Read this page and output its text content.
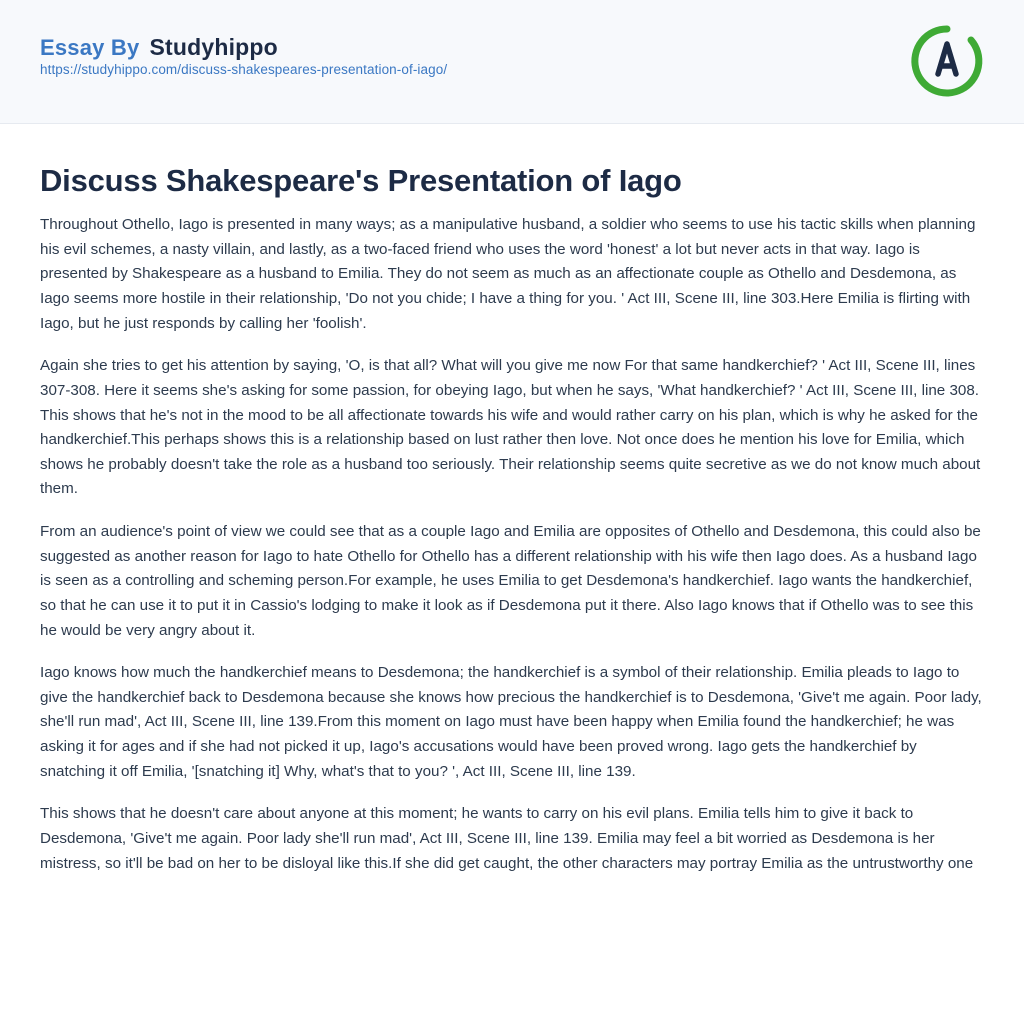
Essay By Studyhippo
https://studyhippo.com/discuss-shakespeares-presentation-of-iago/
Discuss Shakespeare's Presentation of Iago

Throughout Othello, Iago is presented in many ways; as a manipulative husband, a soldier who seems to use his tactic skills when planning his evil schemes, a nasty villain, and lastly, as a two-faced friend who uses the word 'honest' a lot but never acts in that way. Iago is presented by Shakespeare as a husband to Emilia. They do not seem as much as an affectionate couple as Othello and Desdemona, as Iago seems more hostile in their relationship, 'Do not you chide; I have a thing for you. ' Act III, Scene III, line 303.Here Emilia is flirting with Iago, but he just responds by calling her 'foolish'.

Again she tries to get his attention by saying, 'O, is that all? What will you give me now For that same handkerchief? ' Act III, Scene III, lines 307-308. Here it seems she's asking for some passion, for obeying Iago, but when he says, 'What handkerchief? ' Act III, Scene III, line 308. This shows that he's not in the mood to be all affectionate towards his wife and would rather carry on his plan, which is why he asked for the handkerchief.This perhaps shows this is a relationship based on lust rather then love. Not once does he mention his love for Emilia, which shows he probably doesn't take the role as a husband too seriously. Their relationship seems quite secretive as we do not know much about them.

From an audience's point of view we could see that as a couple Iago and Emilia are opposites of Othello and Desdemona, this could also be suggested as another reason for Iago to hate Othello for Othello has a different relationship with his wife then Iago does. As a husband Iago is seen as a controlling and scheming person.For example, he uses Emilia to get Desdemona's handkerchief. Iago wants the handkerchief, so that he can use it to put it in Cassio's lodging to make it look as if Desdemona put it there. Also Iago knows that if Othello was to see this he would be very angry about it.

Iago knows how much the handkerchief means to Desdemona; the handkerchief is a symbol of their relationship. Emilia pleads to Iago to give the handkerchief back to Desdemona because she knows how precious the handkerchief is to Desdemona, 'Give't me again. Poor lady, she'll run mad', Act III, Scene III, line 139.From this moment on Iago must have been happy when Emilia found the handkerchief; he was asking it for ages and if she had not picked it up, Iago's accusations would have been proved wrong. Iago gets the handkerchief by snatching it off Emilia, '[snatching it] Why, what's that to you? ', Act III, Scene III, line 139.

This shows that he doesn't care about anyone at this moment; he wants to carry on his evil plans. Emilia tells him to give it back to Desdemona, 'Give't me again. Poor lady she'll run mad', Act III, Scene III, line 139. Emilia may feel a bit worried as Desdemona is her mistress, so it'll be bad on her to be disloyal like this.If she did get caught, the other characters may portray Emilia as the untrustworthy one
